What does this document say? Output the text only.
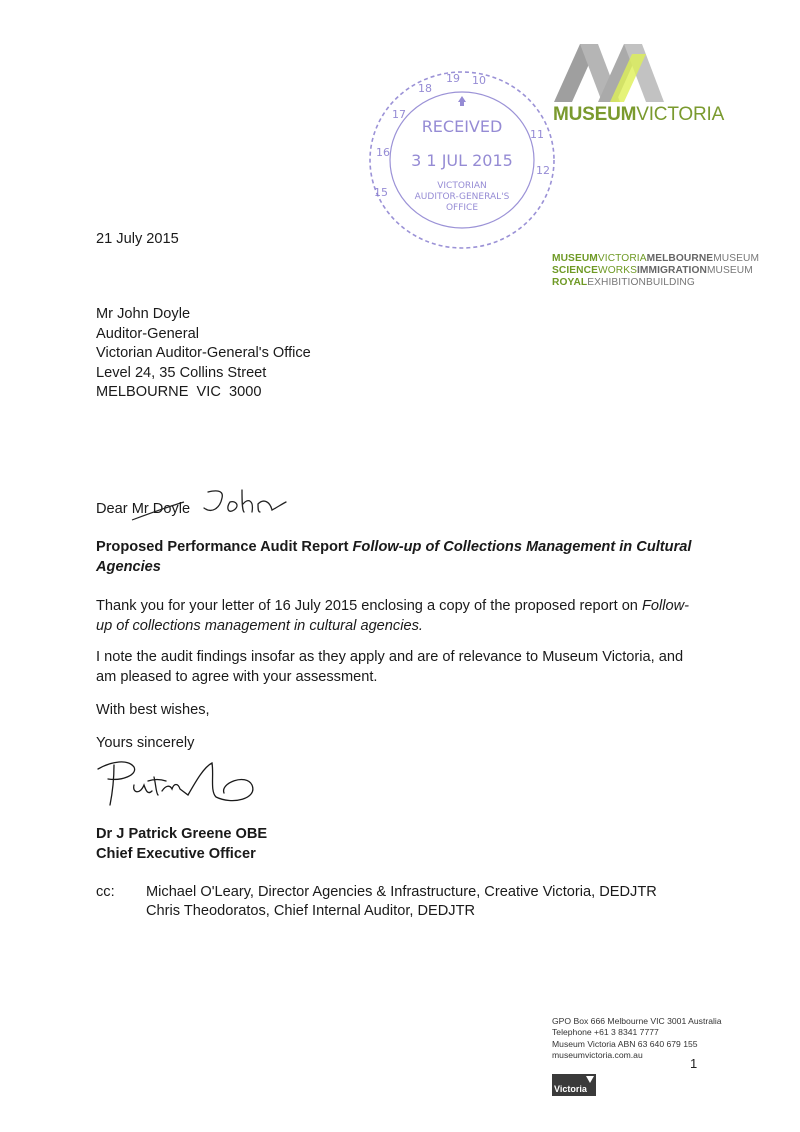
MUSEUMVICTORIA
MUSEUMVICTORIAMELBOURNEMUSEUM
SCIENCEWORKSIMMIGRATIONMUSEUM
ROYALEXHIBITIONBUILDING
15
16
17
18
19 10
11
12
RECEIVED
3 1 JUL 2015
VICTORIAN
AUDITOR-GENERAL'S
OFFICE
21 July 2015

Mr John Doyle

Auditor-General

Victorian Auditor-General's Office

Level 24, 35 Collins Street

MELBOURNE  VIC  3000

Dear Mr Doyle
Proposed Performance Audit Report Follow-up of Collections Management in Cultural
Agencies
Thank you for your letter of 16 July 2015 enclosing a copy of the proposed report on Follow-
up of collections management in cultural agencies.
I note the audit findings insofar as they apply and are of relevance to Museum Victoria, and
am pleased to agree with your assessment.
With best wishes,
Yours sincerely
Dr J Patrick Greene OBE
Chief Executive Officer
cc: Michael O'Leary, Director Agencies & Infrastructure, Creative Victoria, DEDJTR
Chris Theodoratos, Chief Internal Auditor, DEDJTR
GPO Box 666 Melbourne VIC 3001 Australia
Telephone +61 3 8341 7777
Museum Victoria ABN 63 640 679 155
museumvictoria.com.au
1
Victoria
